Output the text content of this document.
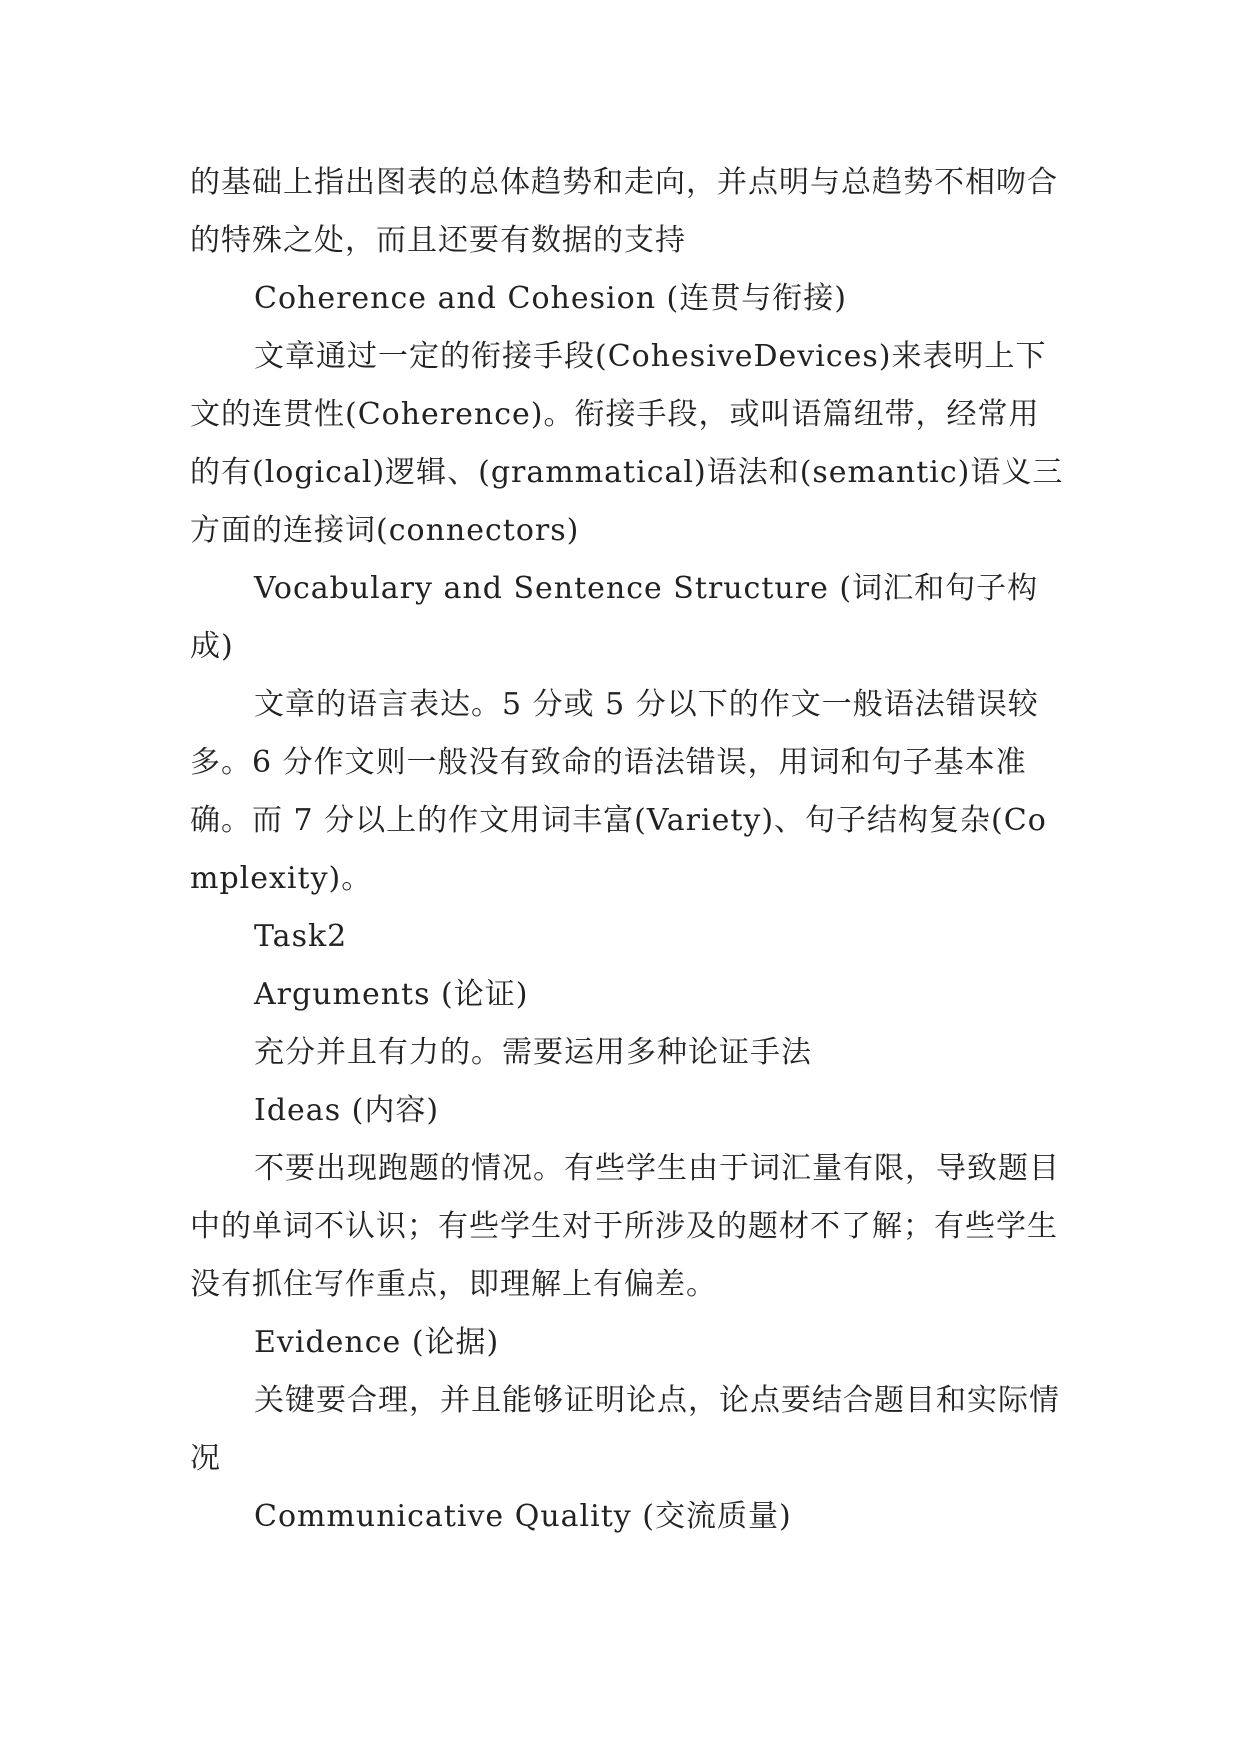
的基础上指出图表的总体趋势和走向，并点明与总趋势不相吻合的特殊之处，而且还要有数据的支持

Coherence and Cohesion (连贯与衔接)

文章通过一定的衔接手段(CohesiveDevices)来表明上下文的连贯性(Coherence)。衔接手段，或叫语篇纽带，经常用的有(logical)逻辑、(grammatical)语法和(semantic)语义三方面的连接词(connectors)

Vocabulary and Sentence Structure (词汇和句子构成)

文章的语言表达。5 分或 5 分以下的作文一般语法错误较多。6 分作文则一般没有致命的语法错误，用词和句子基本准确。而 7 分以上的作文用词丰富(Variety)、句子结构复杂(Complexity)。

Task2

Arguments (论证)

充分并且有力的。需要运用多种论证手法

Ideas (内容)

不要出现跑题的情况。有些学生由于词汇量有限，导致题目中的单词不认识；有些学生对于所涉及的题材不了解；有些学生没有抓住写作重点，即理解上有偏差。

Evidence (论据)

关键要合理，并且能够证明论点，论点要结合题目和实际情况

Communicative Quality (交流质量)
